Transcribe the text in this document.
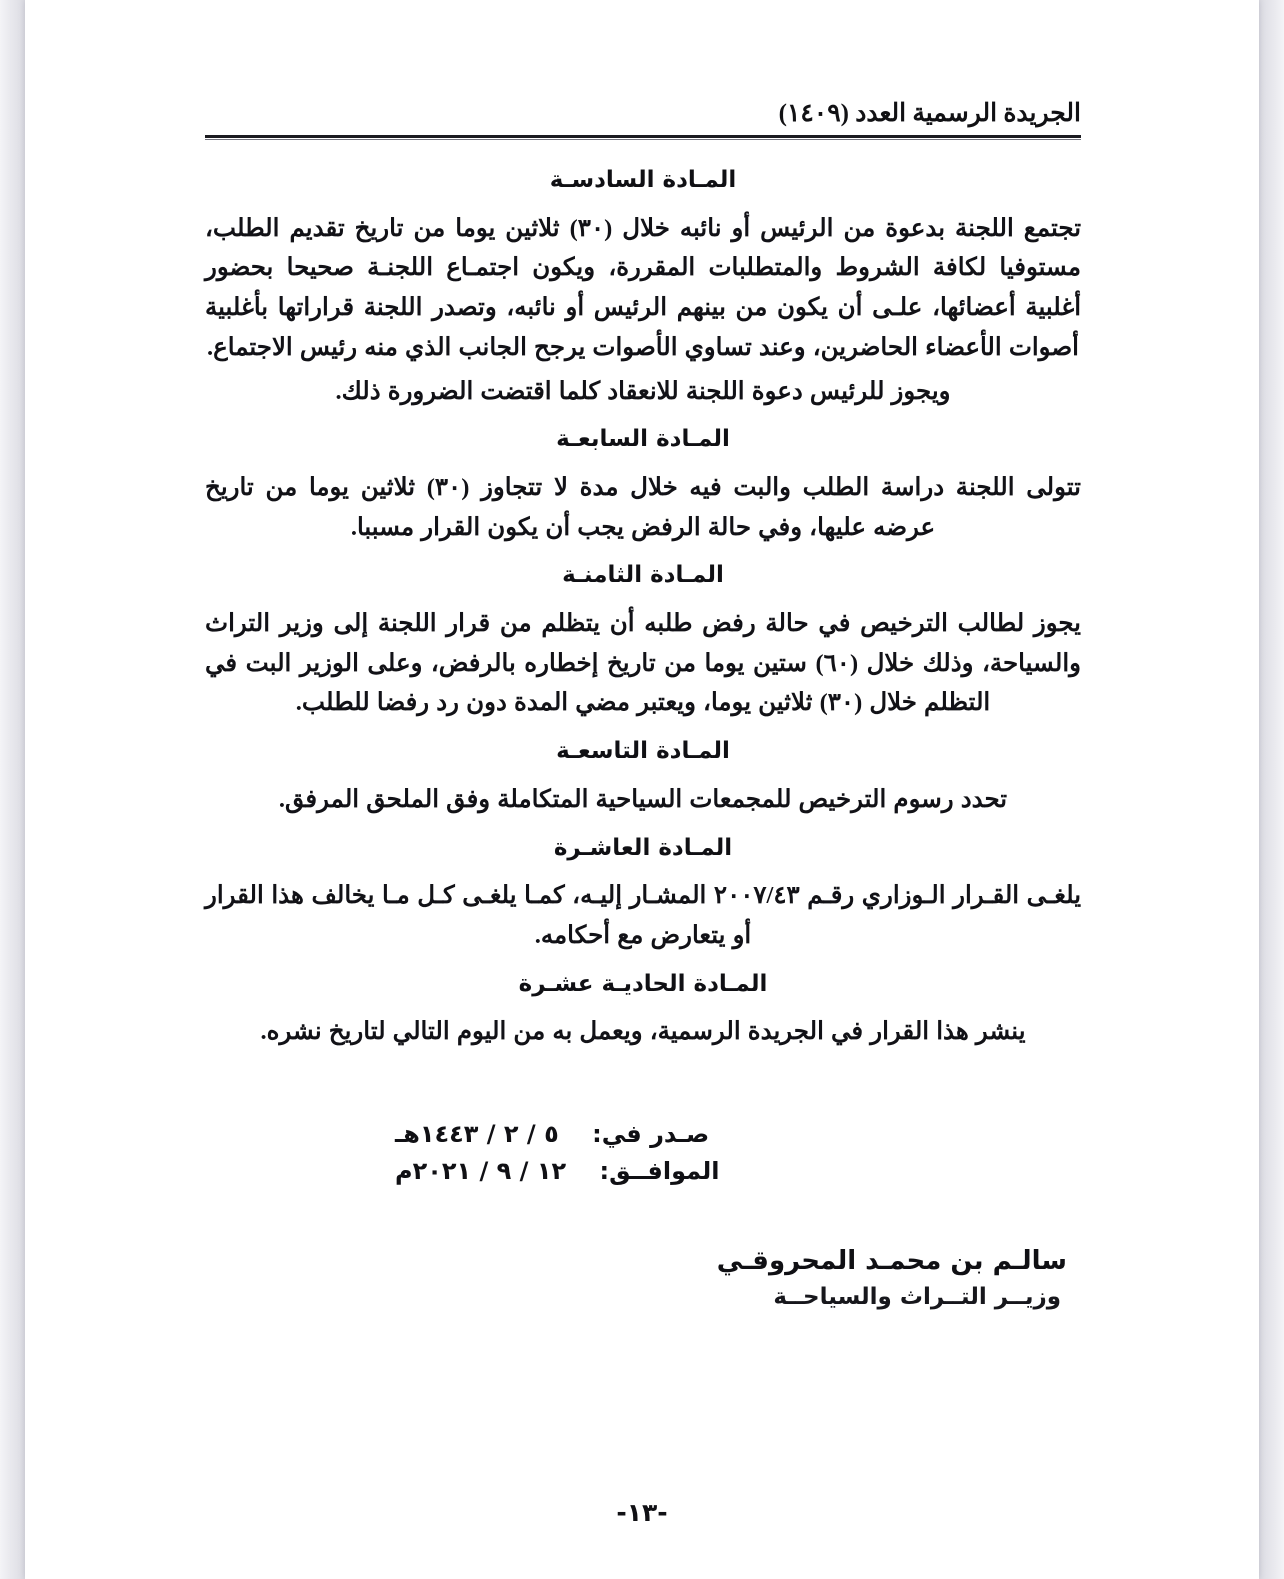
الجريدة الرسمية العدد (١٤٠٩)
المـادة السادسـة

تجتمع اللجنة بدعوة من الرئيس أو نائبه خلال (٣٠) ثلاثين يوما من تاريخ تقديم الطلب، مستوفيا لكافة الشروط والمتطلبات المقررة، ويكون اجتمـاع اللجنـة صحيحا بحضور أغلبية أعضائها، علـى أن يكون من بينهم الرئيس أو نائبه، وتصدر اللجنة قراراتها بأغلبية أصوات الأعضاء الحاضرين، وعند تساوي الأصوات يرجح الجانب الذي منه رئيس الاجتماع.

ويجوز للرئيس دعوة اللجنة للانعقاد كلما اقتضت الضرورة ذلك.

المـادة السابعـة

تتولى اللجنة دراسة الطلب والبت فيه خلال مدة لا تتجاوز (٣٠) ثلاثين يوما من تاريخ عرضه عليها، وفي حالة الرفض يجب أن يكون القرار مسببا.

المـادة الثامنـة

يجوز لطالب الترخيص في حالة رفض طلبه أن يتظلم من قرار اللجنة إلى وزير التراث والسياحة، وذلك خلال (٦٠) ستين يوما من تاريخ إخطاره بالرفض، وعلى الوزير البت في التظلم خلال (٣٠) ثلاثين يوما، ويعتبر مضي المدة دون رد رفضا للطلب.

المـادة التاسعـة

تحدد رسوم الترخيص للمجمعات السياحية المتكاملة وفق الملحق المرفق.

المـادة العاشـرة

يلغـى القـرار الـوزاري رقـم ٢٠٠٧/٤٣ المشـار إليـه، كمـا يلغـى كـل مـا يخالف هذا القرار أو يتعارض مع أحكامه.

المـادة الحاديـة عشـرة

ينشر هذا القرار في الجريدة الرسمية، ويعمل به من اليوم التالي لتاريخ نشره.

صـدر في:    ٥ / ٢ / ١٤٤٣هـ
الموافــق:    ١٢ / ٩ / ٢٠٢١م
سالـم بن محمـد المحروقـي
وزيــر التــراث والسياحــة
-١٣-
